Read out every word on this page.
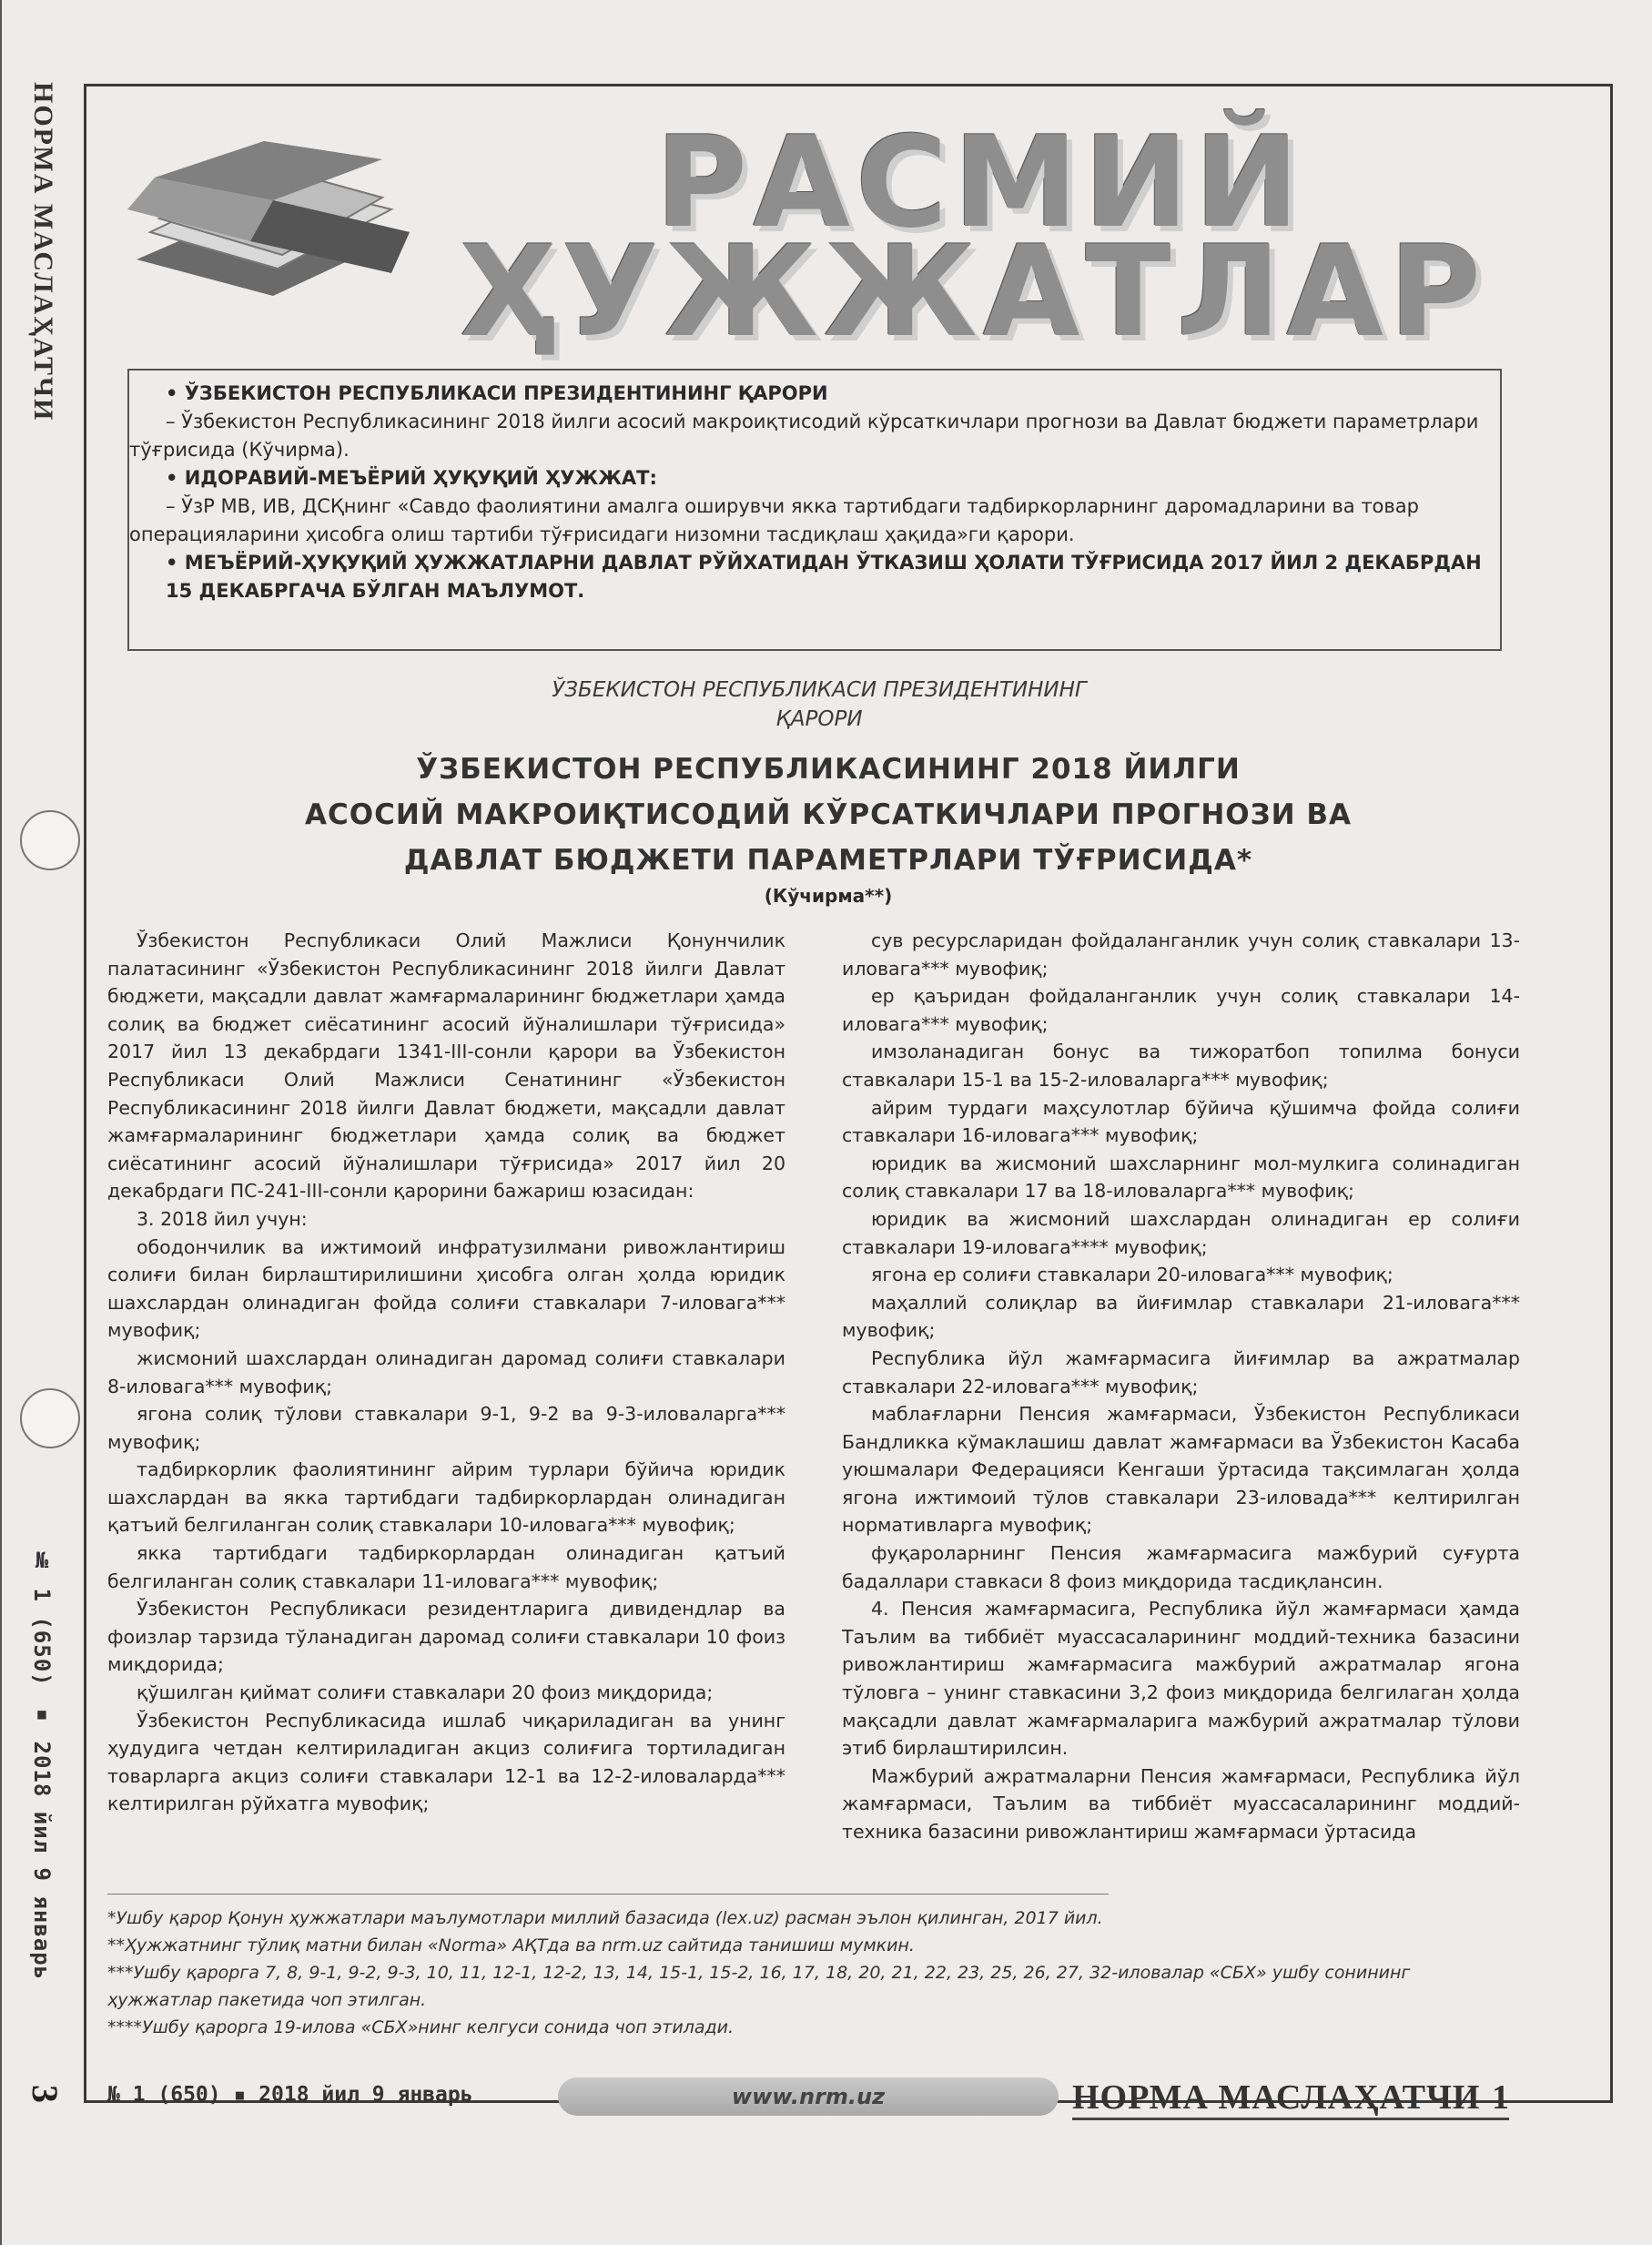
НОРМА МАСЛАҲАТЧИ
№ 1 (650) ▪ 2018 йил 9 январь
3
РАСМИЙ
ҲУЖЖАТЛАР

• ЎЗБЕКИСТОН РЕСПУБЛИКАСИ ПРЕЗИДЕНТИНИНГ ҚАРОРИ

– Ўзбекистон Республикасининг 2018 йилги асосий макроиқтисодий кўрсаткичлари прогнози ва Давлат бюджети параметрлари тўғрисида (Кўчирма).

• ИДОРАВИЙ-МЕЪЁРИЙ ҲУҚУҚИЙ ҲУЖЖАТ:

– ЎзР МВ, ИВ, ДСҚнинг «Савдо фаолиятини амалга оширувчи якка тартибдаги тадбиркорларнинг даромадларини ва товар операцияларини ҳисобга олиш тартиби тўғрисидаги низомни тасдиқлаш ҳақида»ги қарори.

• МЕЪЁРИЙ-ҲУҚУҚИЙ ҲУЖЖАТЛАРНИ ДАВЛАТ РЎЙХАТИДАН ЎТКАЗИШ ҲОЛАТИ ТЎҒРИСИДА 2017 ЙИЛ 2 ДЕКАБРДАН 15 ДЕКАБРГАЧА БЎЛГАН МАЪЛУМОТ.

ЎЗБЕКИСТОН РЕСПУБЛИКАСИ ПРЕЗИДЕНТИНИНГ
ҚАРОРИ
ЎЗБЕКИСТОН РЕСПУБЛИКАСИНИНГ 2018 ЙИЛГИ
АСОСИЙ МАКРОИҚТИСОДИЙ КЎРСАТКИЧЛАРИ ПРОГНОЗИ ВА
ДАВЛАТ БЮДЖЕТИ ПАРАМЕТРЛАРИ ТЎҒРИСИДА*
(Кўчирма**)

Ўзбекистон Республикаси Олий Мажлиси Қонунчилик палатасининг «Ўзбекистон Республикасининг 2018 йилги Давлат бюджети, мақсадли давлат жамғармаларининг бюджетлари ҳамда солиқ ва бюджет сиёсатининг асосий йўналишлари тўғрисида» 2017 йил 13 декабрдаги 1341-III-сонли қарори ва Ўзбекистон Республикаси Олий Мажлиси Сенатининг «Ўзбекистон Республикасининг 2018 йилги Давлат бюджети, мақсадли давлат жамғармаларининг бюджетлари ҳамда солиқ ва бюджет сиёсатининг асосий йўналишлари тўғрисида» 2017 йил 20 декабрдаги ПС-241-III-сонли қарорини бажариш юзасидан:

3. 2018 йил учун:

ободончилик ва ижтимоий инфратузилмани ривожлантириш солиғи билан бирлаштирилишини ҳисобга олган ҳолда юридик шахслардан олинадиган фойда солиғи ставкалари 7-иловага*** мувофиқ;

жисмоний шахслардан олинадиган даромад солиғи ставкалари 8-иловага*** мувофиқ;

ягона солиқ тўлови ставкалари 9-1, 9-2 ва 9-3-иловаларга*** мувофиқ;

тадбиркорлик фаолиятининг айрим турлари бўйича юридик шахслардан ва якка тартибдаги тадбиркорлардан олинадиган қатъий белгиланган солиқ ставкалари 10-иловага*** мувофиқ;

якка тартибдаги тадбиркорлардан олинадиган қатъий белгиланган солиқ ставкалари 11-иловага*** мувофиқ;

Ўзбекистон Республикаси резидентларига дивидендлар ва фоизлар тарзида тўланадиган даромад солиғи ставкалари 10 фоиз миқдорида;

қўшилган қиймат солиғи ставкалари 20 фоиз миқдорида;

Ўзбекистон Республикасида ишлаб чиқариладиган ва унинг ҳудудига четдан келтириладиган акциз солиғига тортиладиган товарларга акциз солиғи ставкалари 12-1 ва 12-2-иловаларда*** келтирилган рўйхатга мувофиқ;

сув ресурсларидан фойдаланганлик учун солиқ ставкалари 13-иловага*** мувофиқ;

ер қаъридан фойдаланганлик учун солиқ ставкалари 14-иловага*** мувофиқ;

имзоланадиган бонус ва тижоратбоп топилма бонуси ставкалари 15-1 ва 15-2-иловаларга*** мувофиқ;

айрим турдаги маҳсулотлар бўйича қўшимча фойда солиғи ставкалари 16-иловага*** мувофиқ;

юридик ва жисмоний шахсларнинг мол-мулкига солинадиган солиқ ставкалари 17 ва 18-иловаларга*** мувофиқ;

юридик ва жисмоний шахслардан олинадиган ер солиғи ставкалари 19-иловага**** мувофиқ;

ягона ер солиғи ставкалари 20-иловага*** мувофиқ;

маҳаллий солиқлар ва йиғимлар ставкалари 21-иловага*** мувофиқ;

Республика йўл жамғармасига йиғимлар ва ажратмалар ставкалари 22-иловага*** мувофиқ;

маблағларни Пенсия жамғармаси, Ўзбекистон Республикаси Бандликка кўмаклашиш давлат жамғармаси ва Ўзбекистон Касаба уюшмалари Федерацияси Кенгаши ўртасида тақсимлаган ҳолда ягона ижтимоий тўлов ставкалари 23-иловада*** келтирилган нормативларга мувофиқ;

фуқароларнинг Пенсия жамғармасига мажбурий суғурта бадаллари ставкаси 8 фоиз миқдорида тасдиқлансин.

4. Пенсия жамғармасига, Республика йўл жамғармаси ҳамда Таълим ва тиббиёт муассасаларининг моддий-техника базасини ривожлантириш жамғармасига мажбурий ажратмалар ягона тўловга – унинг ставкасини 3,2 фоиз миқдорида белгилаган ҳолда мақсадли давлат жамғармаларига мажбурий ажратмалар тўлови этиб бирлаштирилсин.

Мажбурий ажратмаларни Пенсия жамғармаси, Республика йўл жамғармаси, Таълим ва тиббиёт муассасаларининг моддий-техника базасини ривожлантириш жамғармаси ўртасида

*Ушбу қарор Қонун ҳужжатлари маълумотлари миллий базасида (lex.uz) расман эълон қилинган, 2017 йил.

**Ҳужжатнинг тўлиқ матни билан «Norma» АҚТда ва nrm.uz сайтида танишиш мумкин.

***Ушбу қарорга 7, 8, 9-1, 9-2, 9-3, 10, 11, 12-1, 12-2, 13, 14, 15-1, 15-2, 16, 17, 18, 20, 21, 22, 23, 25, 26, 27, 32-иловалар «СБХ» ушбу сонининг ҳужжатлар пакетида чоп этилган.

****Ушбу қарорга 19-илова «СБХ»нинг келгуси сонида чоп этилади.

№ 1 (650) ▪ 2018 йил 9 январь	www.nrm.uz	НОРМА МАСЛАҲАТЧИ 1
